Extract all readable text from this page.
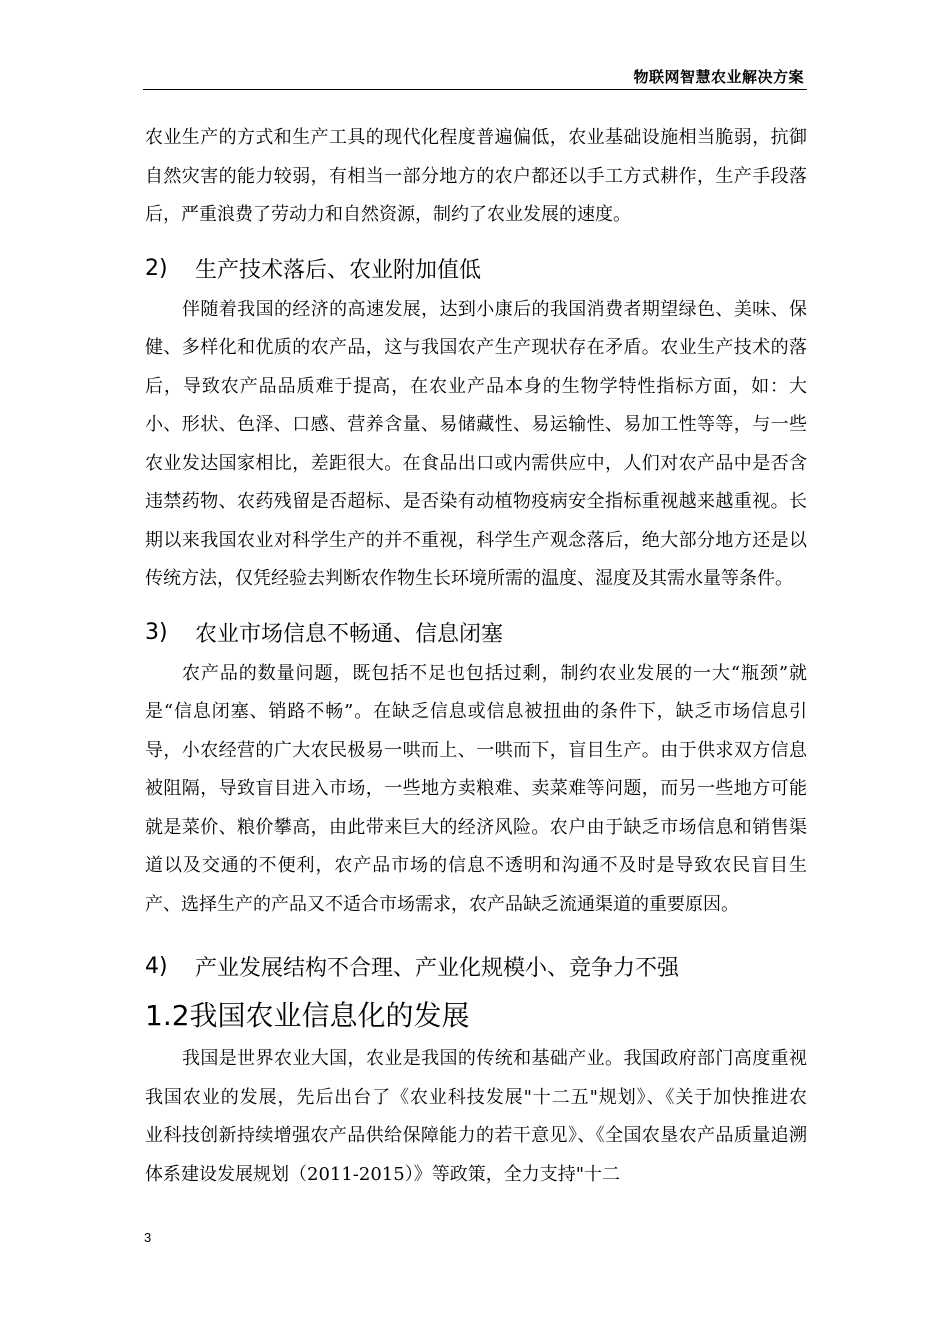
物联网智慧农业解决方案

农业生产的方式和生产工具的现代化程度普遍偏低，农业基础设施相当脆弱，抗御自然灾害的能力较弱，有相当一部分地方的农户都还以手工方式耕作，生产手段落后，严重浪费了劳动力和自然资源，制约了农业发展的速度。

2)	生产技术落后、农业附加值低

伴随着我国的经济的高速发展，达到小康后的我国消费者期望绿色、美味、保健、多样化和优质的农产品，这与我国农产生产现状存在矛盾。农业生产技术的落后，导致农产品品质难于提高，在农业产品本身的生物学特性指标方面，如：大小、形状、色泽、口感、营养含量、易储藏性、易运输性、易加工性等等，与一些农业发达国家相比，差距很大。在食品出口或内需供应中，人们对农产品中是否含违禁药物、农药残留是否超标、是否染有动植物疫病安全指标重视越来越重视。长期以来我国农业对科学生产的并不重视，科学生产观念落后，绝大部分地方还是以传统方法，仅凭经验去判断农作物生长环境所需的温度、湿度及其需水量等条件。

3)	农业市场信息不畅通、信息闭塞

农产品的数量问题，既包括不足也包括过剩，制约农业发展的一大“瓶颈”就是“信息闭塞、销路不畅”。在缺乏信息或信息被扭曲的条件下，缺乏市场信息引导，小农经营的广大农民极易一哄而上、一哄而下，盲目生产。由于供求双方信息被阻隔，导致盲目进入市场，一些地方卖粮难、卖菜难等问题，而另一些地方可能就是菜价、粮价攀高，由此带来巨大的经济风险。农户由于缺乏市场信息和销售渠道以及交通的不便利，农产品市场的信息不透明和沟通不及时是导致农民盲目生产、选择生产的产品又不适合市场需求，农产品缺乏流通渠道的重要原因。

4)	产业发展结构不合理、产业化规模小、竞争力不强
1.2我国农业信息化的发展

我国是世界农业大国，农业是我国的传统和基础产业。我国政府部门高度重视我国农业的发展，先后出台了《农业科技发展"十二五"规划》、《关于加快推进农　业科技创新持续增强农产品供给保障能力的若干意见》、《全国农垦农产品质量追溯体系建设发展规划（2011-2015）》等政策，全力支持"十二

3
